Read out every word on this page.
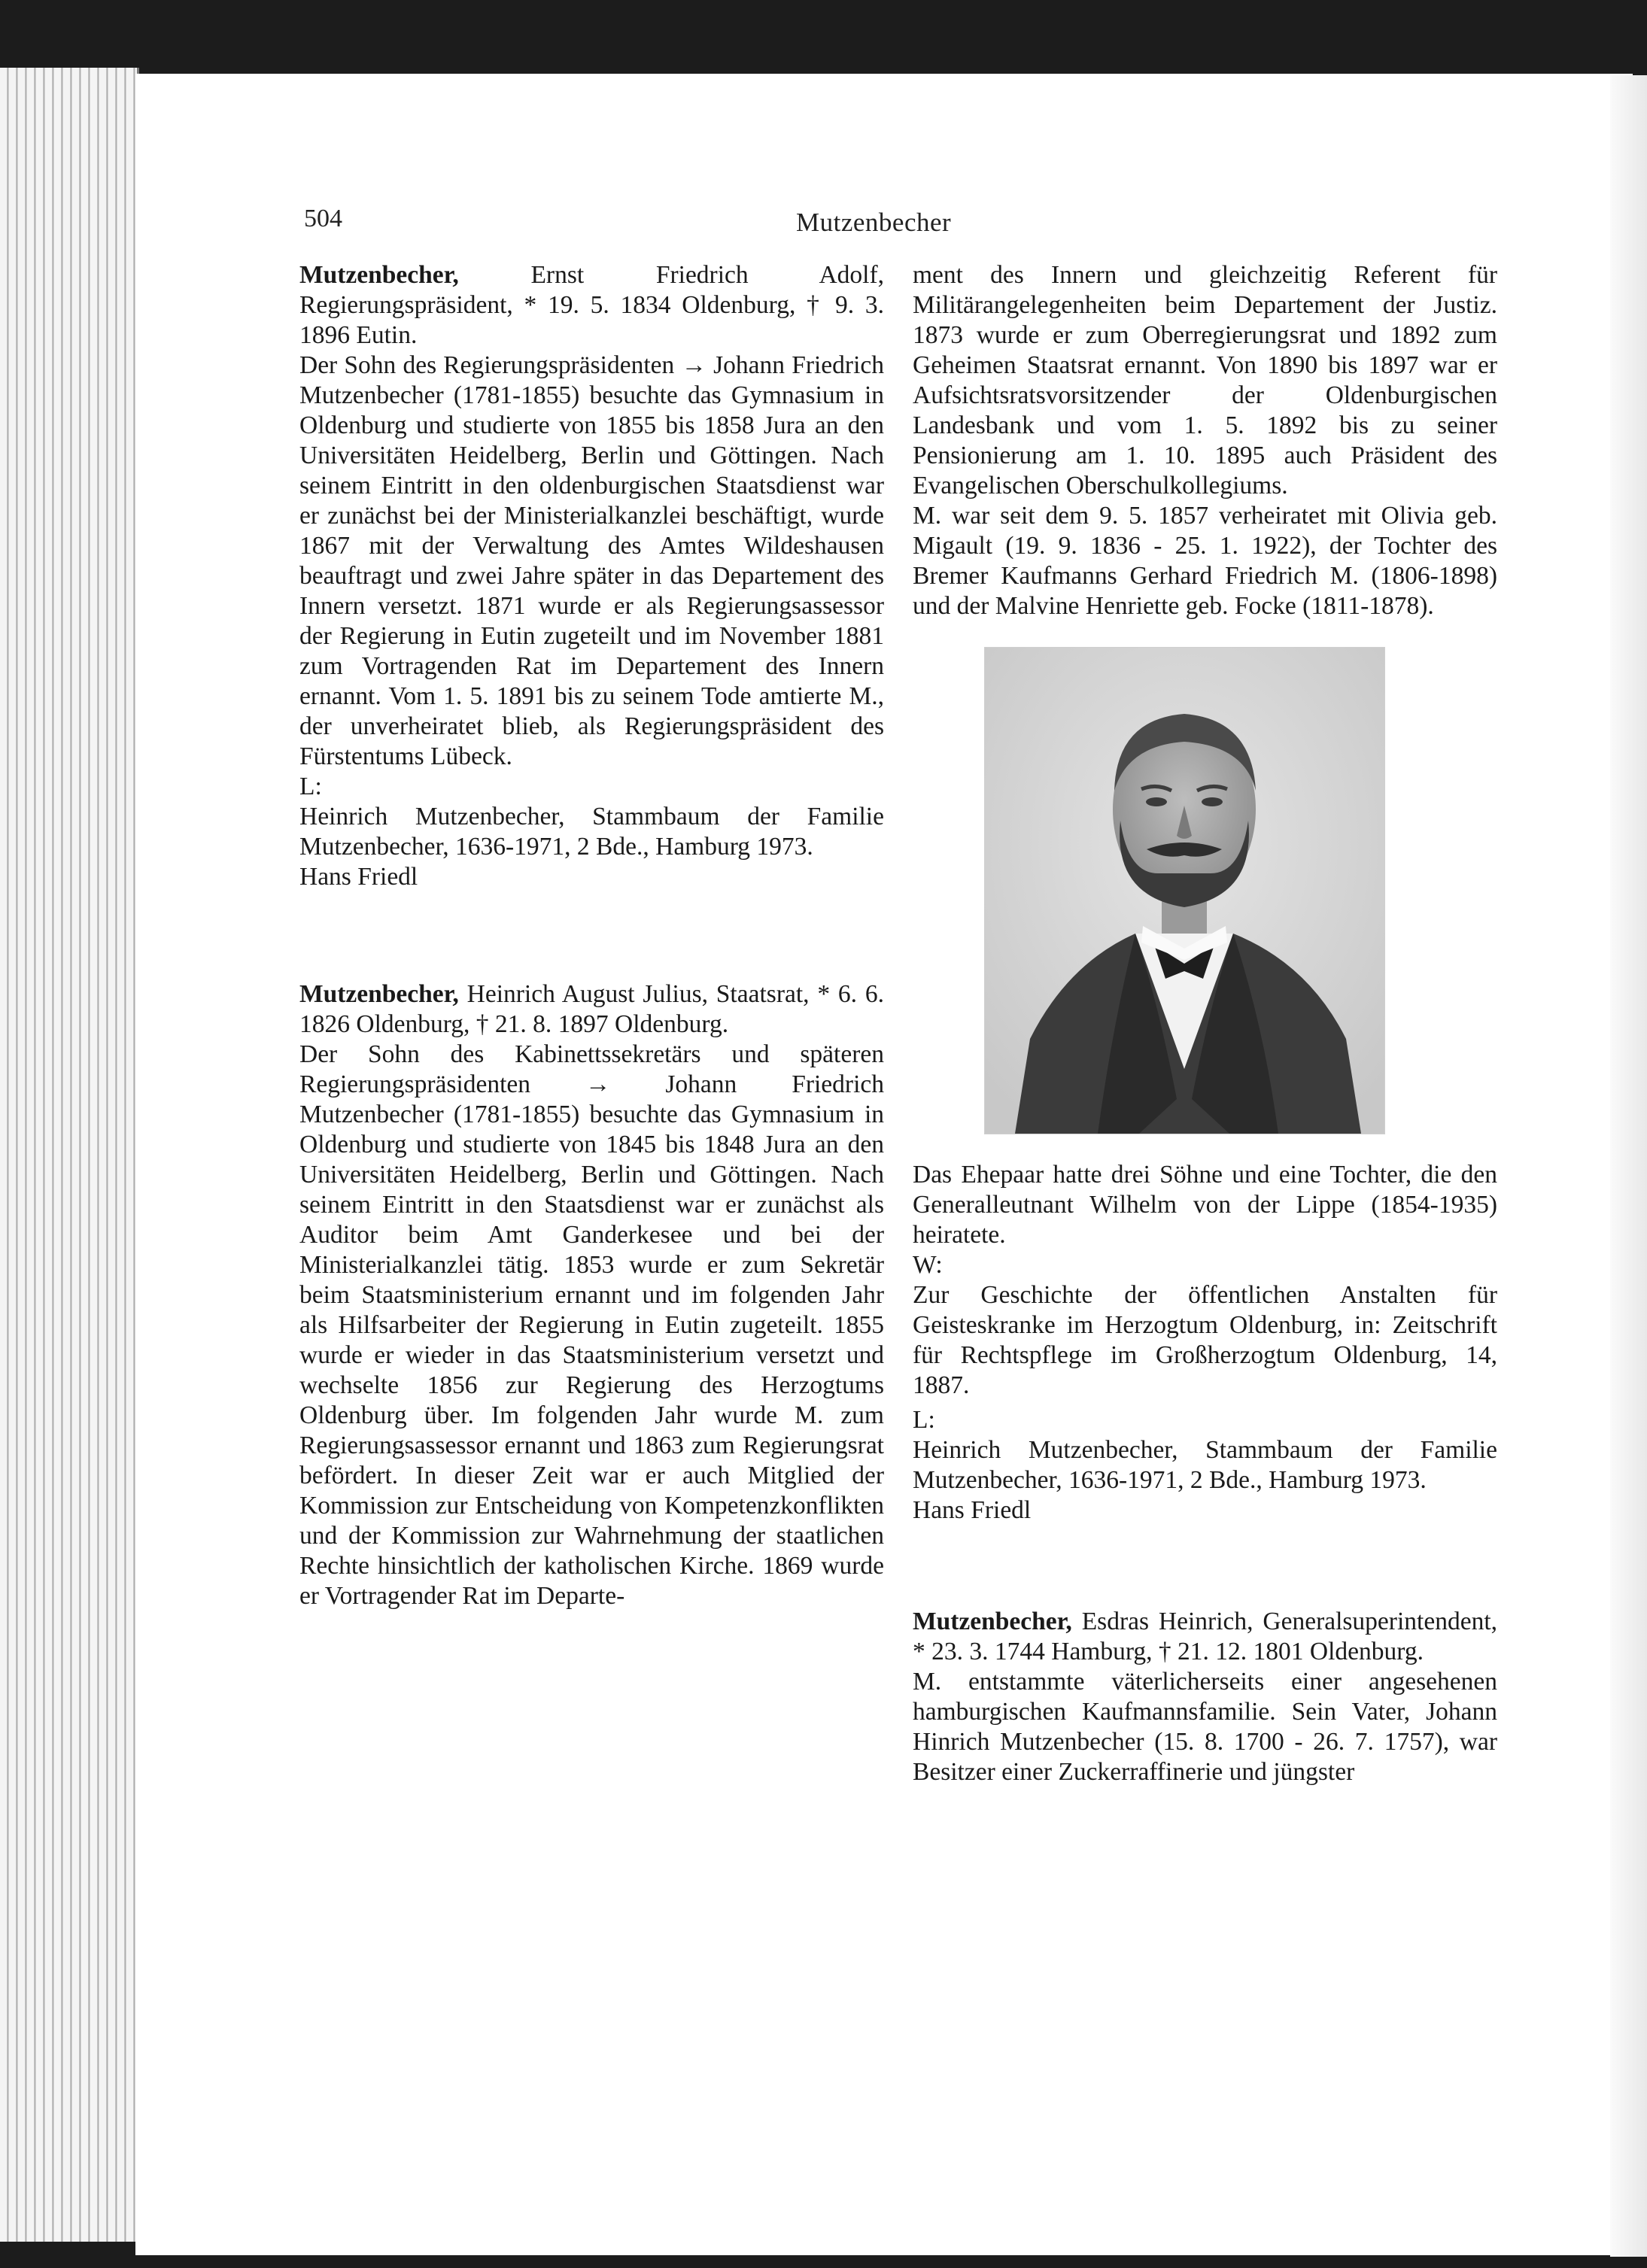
504	Mutzenbecher

Mutzenbecher, Ernst Friedrich Adolf, Regierungspräsident, * 19. 5. 1834 Oldenburg, † 9. 3. 1896 Eutin.

Der Sohn des Regierungspräsidenten → Johann Friedrich Mutzenbecher (1781-1855) besuchte das Gymnasium in Oldenburg und studierte von 1855 bis 1858 Jura an den Universitäten Heidelberg, Berlin und Göttingen. Nach seinem Eintritt in den oldenburgischen Staatsdienst war er zunächst bei der Ministerialkanzlei beschäftigt, wurde 1867 mit der Verwaltung des Amtes Wildeshausen beauftragt und zwei Jahre später in das Departement des Innern versetzt. 1871 wurde er als Regierungsassessor der Regierung in Eutin zugeteilt und im November 1881 zum Vortragenden Rat im Departement des Innern ernannt. Vom 1. 5. 1891 bis zu seinem Tode amtierte M., der unverheiratet blieb, als Regierungspräsident des Fürstentums Lübeck.

L:

Heinrich Mutzenbecher, Stammbaum der Familie Mutzenbecher, 1636-1971, 2 Bde., Hamburg 1973.

Hans Friedl

Mutzenbecher, Heinrich August Julius, Staatsrat, * 6. 6. 1826 Oldenburg, † 21. 8. 1897 Oldenburg.

Der Sohn des Kabinettssekretärs und späteren Regierungspräsidenten → Johann Friedrich Mutzenbecher (1781-1855) besuchte das Gymnasium in Oldenburg und studierte von 1845 bis 1848 Jura an den Universitäten Heidelberg, Berlin und Göttingen. Nach seinem Eintritt in den Staatsdienst war er zunächst als Auditor beim Amt Ganderkesee und bei der Ministerialkanzlei tätig. 1853 wurde er zum Sekretär beim Staatsministerium ernannt und im folgenden Jahr als Hilfsarbeiter der Regierung in Eutin zugeteilt. 1855 wurde er wieder in das Staatsministerium versetzt und wechselte 1856 zur Regierung des Herzogtums Oldenburg über. Im folgenden Jahr wurde M. zum Regierungsassessor ernannt und 1863 zum Regierungsrat befördert. In dieser Zeit war er auch Mitglied der Kommission zur Entscheidung von Kompetenzkonflikten und der Kommission zur Wahrnehmung der staatlichen Rechte hinsichtlich der katholischen Kirche. 1869 wurde er Vortragender Rat im Departe-

ment des Innern und gleichzeitig Referent für Militärangelegenheiten beim Departement der Justiz. 1873 wurde er zum Oberregierungsrat und 1892 zum Geheimen Staatsrat ernannt. Von 1890 bis 1897 war er Aufsichtsratsvorsitzender der Oldenburgischen Landesbank und vom 1. 5. 1892 bis zu seiner Pensionierung am 1. 10. 1895 auch Präsident des Evangelischen Oberschulkollegiums.

M. war seit dem 9. 5. 1857 verheiratet mit Olivia geb. Migault (19. 9. 1836 - 25. 1. 1922), der Tochter des Bremer Kaufmanns Gerhard Friedrich M. (1806-1898) und der Malvine Henriette geb. Focke (1811-1878).

Das Ehepaar hatte drei Söhne und eine Tochter, die den Generalleutnant Wilhelm von der Lippe (1854-1935) heiratete.

W:

Zur Geschichte der öffentlichen Anstalten für Geisteskranke im Herzogtum Oldenburg, in: Zeitschrift für Rechtspflege im Großherzogtum Oldenburg, 14, 1887.

L:

Heinrich Mutzenbecher, Stammbaum der Familie Mutzenbecher, 1636-1971, 2 Bde., Hamburg 1973.

Hans Friedl

Mutzenbecher, Esdras Heinrich, Generalsuperintendent, * 23. 3. 1744 Hamburg, † 21. 12. 1801 Oldenburg.

M. entstammte väterlicherseits einer angesehenen hamburgischen Kaufmannsfamilie. Sein Vater, Johann Hinrich Mutzenbecher (15. 8. 1700 - 26. 7. 1757), war Besitzer einer Zuckerraffinerie und jüngster
